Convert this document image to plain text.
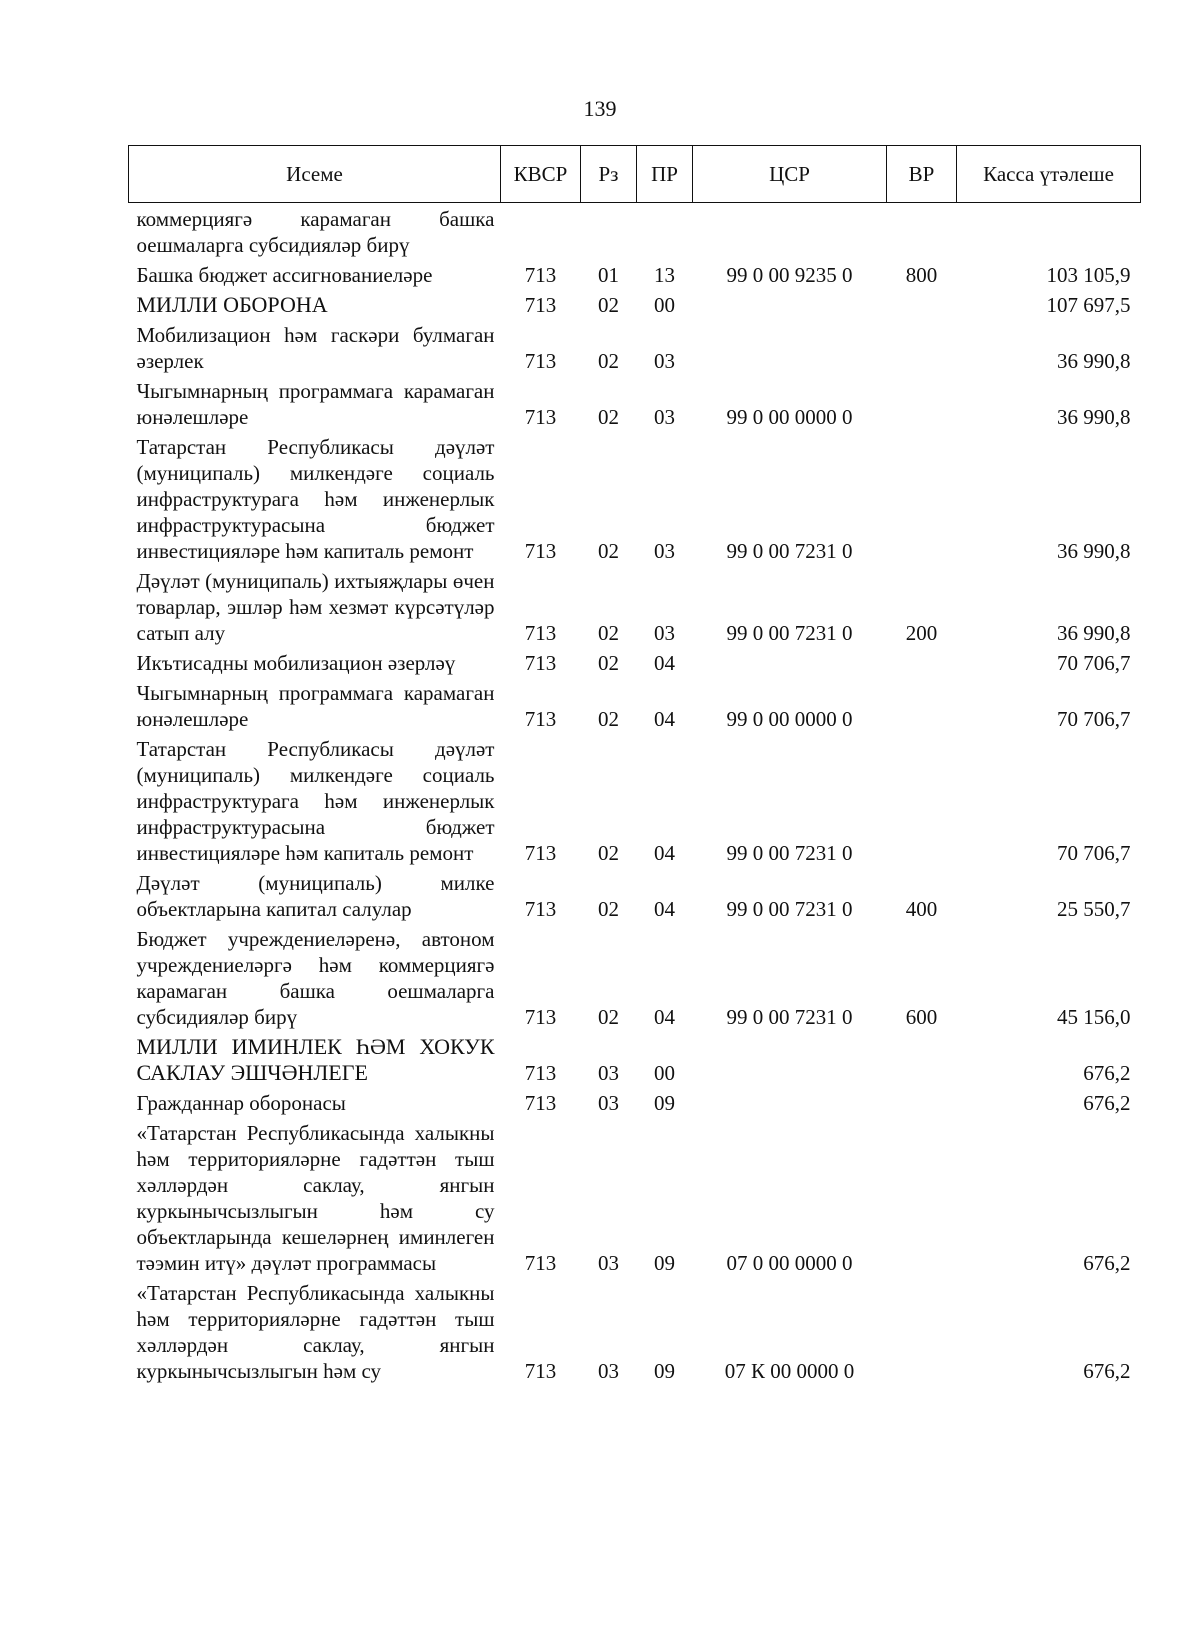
139
Исеме	КВСР	Рз	ПР	ЦСР	ВР	Касса үтәлеше
коммерциягә карамаган башка оешмаларга субсидияләр бирү						
Башка бюджет ассигнованиеләре	713	01	13	99 0 00 9235 0	800	103 105,9
МИЛЛИ ОБОРОНА	713	02	00			107 697,5
Мобилизацион һәм гаскәри булмаган әзерлек	713	02	03			36 990,8
Чыгымнарның программага карамаган юнәлешләре	713	02	03	99 0 00 0000 0		36 990,8
Татарстан Республикасы дәүләт (муниципаль) милкендәге социаль инфраструктурага һәм инженерлык инфраструктурасына бюджет инвестицияләре һәм капиталь ремонт	713	02	03	99 0 00 7231 0		36 990,8
Дәүләт (муниципаль) ихтыяҗлары өчен товарлар, эшләр һәм хезмәт күрсәтүләр сатып алу	713	02	03	99 0 00 7231 0	200	36 990,8
Икътисадны мобилизацион әзерләү	713	02	04			70 706,7
Чыгымнарның программага карамаган юнәлешләре	713	02	04	99 0 00 0000 0		70 706,7
Татарстан Республикасы дәүләт (муниципаль) милкендәге социаль инфраструктурага һәм инженерлык инфраструктурасына бюджет инвестицияләре һәм капиталь ремонт	713	02	04	99 0 00 7231 0		70 706,7
Дәүләт (муниципаль) милке объектларына капитал салулар	713	02	04	99 0 00 7231 0	400	25 550,7
Бюджет учреждениеләренә, автоном учреждениеләргә һәм коммерциягә карамаган башка оешмаларга субсидияләр бирү	713	02	04	99 0 00 7231 0	600	45 156,0
МИЛЛИ ИМИНЛЕК ҺӘМ ХОКУК САКЛАУ ЭШЧӘНЛЕГЕ	713	03	00			676,2
Гражданнар оборонасы	713	03	09			676,2
«Татарстан Республикасында халыкны һәм территорияләрне гадәттән тыш хәлләрдән саклау, янгын куркынычсызлыгын һәм су объектларында кешеләрнең иминлеген тәэмин итү» дәүләт программасы	713	03	09	07 0 00 0000 0		676,2
«Татарстан Республикасында халыкны һәм территорияләрне гадәттән тыш хәлләрдән саклау, янгын куркынычсызлыгын һәм су	713	03	09	07 К 00 0000 0		676,2
